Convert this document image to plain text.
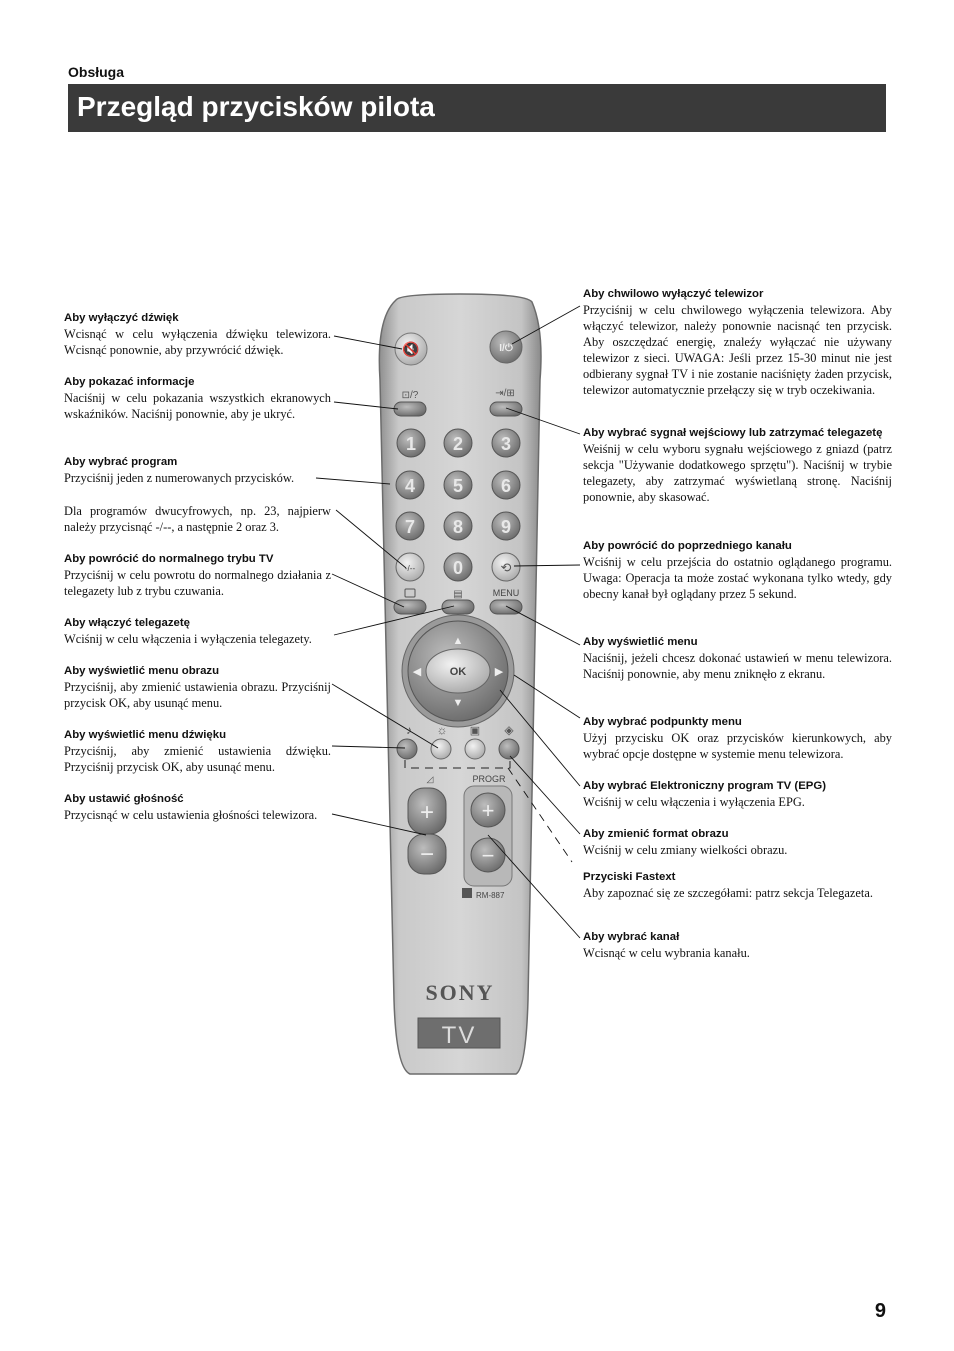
Obsługa
Przegląd przycisków pilota
Aby wyłączyć dźwięk
Wcisnąć w celu wyłączenia dźwięku telewizora. Wcisnąć ponownie, aby przywrócić dźwięk.
Aby pokazać informacje
Naciśnij w celu pokazania wszystkich ekranowych wskaźników. Naciśnij ponownie, aby je ukryć.
Aby wybrać program
Przyciśnij jeden z numerowanych przycisków.
Dla programów dwucyfrowych, np. 23, najpierw należy przycisnąć -/--, a następnie 2 oraz 3.
Aby powrócić do normalnego trybu TV
Przyciśnij w celu powrotu do normalnego działania z telegazety lub z trybu czuwania.
Aby włączyć telegazetę
Wciśnij w celu włączenia i wyłączenia telegazety.
Aby wyświetlić menu obrazu
Przyciśnij, aby zmienić ustawienia obrazu. Przyciśnij przycisk OK, aby usunąć menu.
Aby wyświetlić menu dźwięku
Przyciśnij, aby zmienić ustawienia dźwięku. Przyciśnij przycisk OK, aby usunąć menu.
Aby ustawić głośność
Przycisnąć w celu ustawienia głośności telewizora.
Aby chwilowo wyłączyć telewizor
Przyciśnij w celu chwilowego wyłączenia telewizora. Aby włączyć telewizor, należy ponownie nacisnąć ten przycisk. Aby oszczędzać energię, znaleźy wyłączać nie używany telewizor z sieci. UWAGA: Jeśli przez 15-30 minut nie jest odbierany sygnał TV i nie zostanie naciśnięty żaden przycisk, telewizor automatycznie przełączy się w tryb oczekiwania.
Aby wybrać sygnał wejściowy lub zatrzymać telegazetę
Weiśnij w celu wyboru sygnału wejściowego z gniazd (patrz sekcja "Używanie dodatkowego sprzętu"). Naciśnij w trybie telegazety, aby zatrzymać wyświetlaną stronę. Naciśnij ponownie, aby skasować.
Aby powrócić do poprzedniego kanału
Wciśnij w celu przejścia do ostatnio oglądanego programu. Uwaga: Operacja ta może zostać wykonana tylko wtedy, gdy obecny kanał był oglądany przez 5 sekund.
Aby wyświetlić menu
Naciśnij, jeżeli chcesz dokonać ustawień w menu telewizora. Naciśnij ponownie, aby menu zniknęło z ekranu.
Aby wybrać podpunkty menu
Użyj przycisku OK oraz przycisków kierunkowych, aby wybrać opcje dostępne w systemie menu telewizora.
Aby wybrać Elektroniczny program TV (EPG)
Wciśnij w celu włączenia i wyłączenia EPG.
Aby zmienić format obrazu
Wciśnij w celu zmiany wielkości obrazu.
Przyciski Fastext
Aby zapoznać się ze szczegółami: patrz sekcja Telegazeta.
Aby wybrać kanał
Wcisnąć w celu wybrania kanału.
🔇	I/⏻
⊡/?	⇥/⊞
1 2 3
4 5 6
7 8 9
-/-- 0	⟲
▤	MENU
OK
▲
▼
◀	▶
♪ ☼ ▣ ◈
◿	PROGR
+
−
+
−
RM-887
SONY
TV
9
